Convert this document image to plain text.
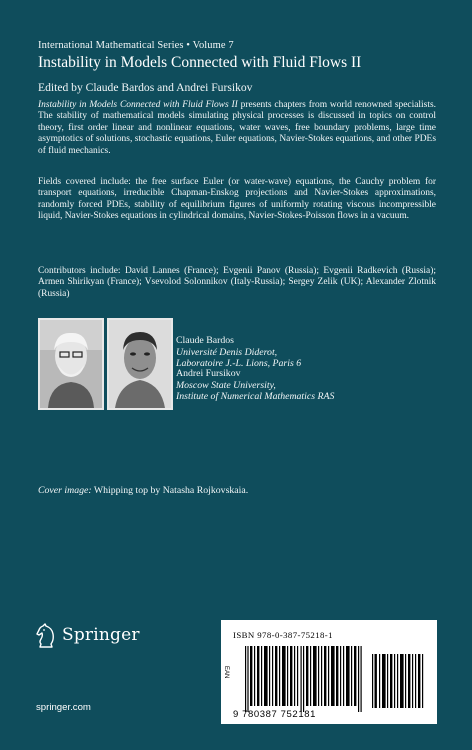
International Mathematical Series • Volume 7
Instability in Models Connected with Fluid Flows II
Edited by Claude Bardos and Andrei Fursikov

Instability in Models Connected with Fluid Flows II presents chapters from world renowned specialists. The stability of mathematical models simulating physical processes is discussed in topics on control theory, first order linear and nonlinear equations, water waves, free boundary problems, large time asymptotics of solutions, stochastic equations, Euler equations, Navier-Stokes equations, and other PDEs of fluid mechanics.

Fields covered include: the free surface Euler (or water-wave) equations, the Cauchy problem for transport equations, irreducible Chapman-Enskog projections and Navier-Stokes approximations, randomly forced PDEs, stability of equilibrium figures of uniformly rotating viscous incompressible liquid, Navier-Stokes equations in cylindrical domains, Navier-Stokes-Poisson flows in a vacuum.

Contributors include: David Lannes (France); Evgenii Panov (Russia); Evgenii Radkevich (Russia); Armen Shirikyan (France); Vsevolod Solonnikov (Italy-Russia); Sergey Zelik (UK); Alexander Zlotnik (Russia)

Claude Bardos
Université Denis Diderot,
Laboratoire J.-L. Lions, Paris 6
Andrei Fursikov
Moscow State University,
Institute of Numerical Mathematics RAS
Cover image: Whipping top by Natasha Rojkovskaia.
Springer
springer.com
ISBN 978-0-387-75218-1
EAN
9 780387 752181
